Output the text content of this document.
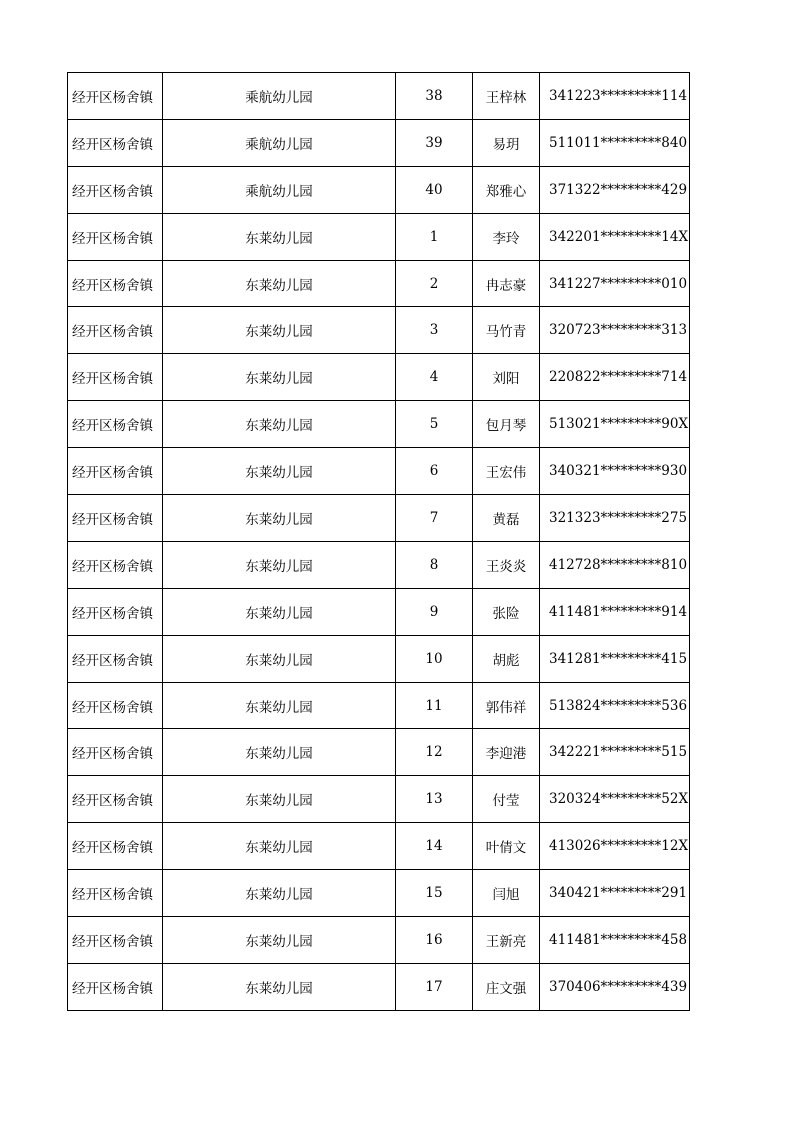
经开区杨舍镇	乘航幼儿园	38	王梓林	341223*********114
经开区杨舍镇	乘航幼儿园	39	易玥	511011*********840
经开区杨舍镇	乘航幼儿园	40	郑雅心	371322*********429
经开区杨舍镇	东莱幼儿园	1	李玲	342201*********14X
经开区杨舍镇	东莱幼儿园	2	冉志豪	341227*********010
经开区杨舍镇	东莱幼儿园	3	马竹青	320723*********313
经开区杨舍镇	东莱幼儿园	4	刘阳	220822*********714
经开区杨舍镇	东莱幼儿园	5	包月琴	513021*********90X
经开区杨舍镇	东莱幼儿园	6	王宏伟	340321*********930
经开区杨舍镇	东莱幼儿园	7	黄磊	321323*********275
经开区杨舍镇	东莱幼儿园	8	王炎炎	412728*********810
经开区杨舍镇	东莱幼儿园	9	张险	411481*********914
经开区杨舍镇	东莱幼儿园	10	胡彪	341281*********415
经开区杨舍镇	东莱幼儿园	11	郭伟祥	513824*********536
经开区杨舍镇	东莱幼儿园	12	李迎港	342221*********515
经开区杨舍镇	东莱幼儿园	13	付莹	320324*********52X
经开区杨舍镇	东莱幼儿园	14	叶倩文	413026*********12X
经开区杨舍镇	东莱幼儿园	15	闫旭	340421*********291
经开区杨舍镇	东莱幼儿园	16	王新亮	411481*********458
经开区杨舍镇	东莱幼儿园	17	庄文强	370406*********439
